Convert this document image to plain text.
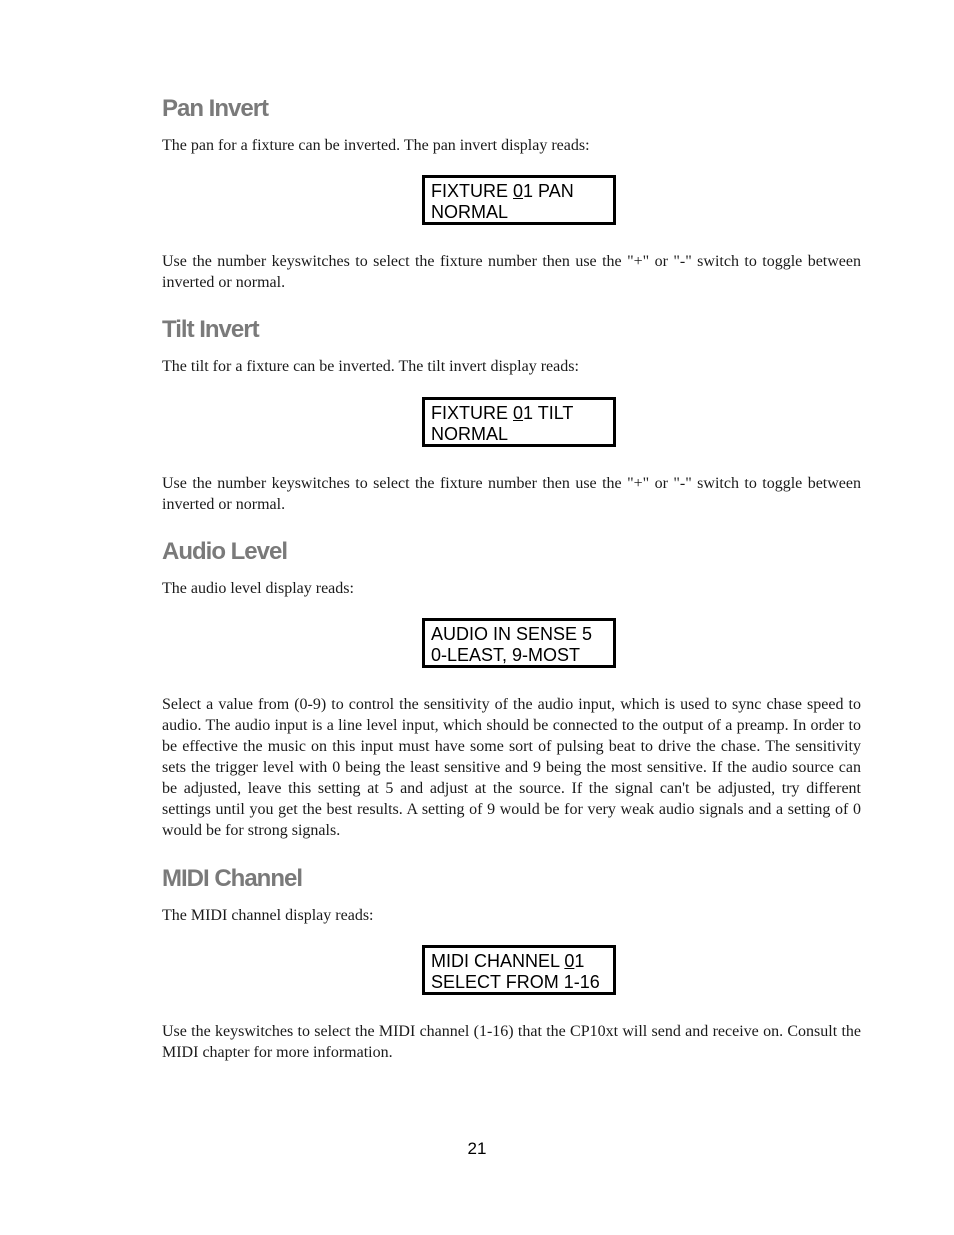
Pan Invert

The pan for a fixture can be inverted. The pan invert display reads:

FIXTURE 01 PAN
NORMAL

Use the number keyswitches to select the fixture number then use the "+" or "-" switch to toggle between inverted or normal.

Tilt Invert

The tilt for a fixture can be inverted. The tilt invert display reads:

FIXTURE 01 TILT
NORMAL

Use the number keyswitches to select the fixture number then use the "+" or "-" switch to toggle between inverted or normal.

Audio Level

The audio level display reads:

AUDIO IN SENSE 5
0-LEAST, 9-MOST

Select a value from (0-9) to control the sensitivity of the audio input, which is used to sync chase speed to audio. The audio input is a line level input, which should be connected to the output of a preamp. In order to be effective the music on this input must have some sort of pulsing beat to drive the chase. The sensitivity sets the trigger level with 0 being the least sensitive and 9 being the most sensitive. If the audio source can be adjusted, leave this setting at 5 and adjust at the source. If the signal can't be adjusted, try different settings until you get the best results. A setting of 9 would be for very weak audio signals and a setting of 0 would be for strong signals.

MIDI Channel

The MIDI channel display reads:

MIDI CHANNEL 01
SELECT FROM 1-16

Use the keyswitches to select the MIDI channel (1-16) that the CP10xt will send and receive on. Consult the MIDI chapter for more information.

21
